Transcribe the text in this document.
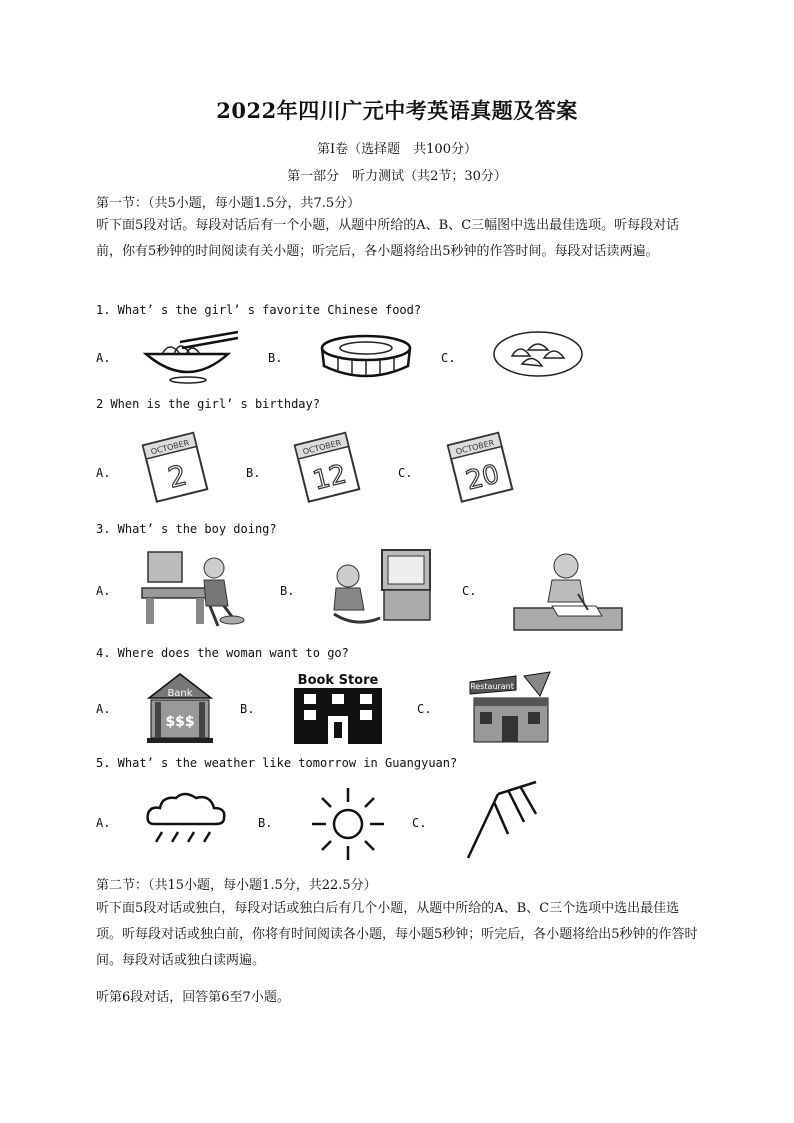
2022年四川广元中考英语真题及答案
第Ⅰ卷（选择题　共100分）
第一部分　听力测试（共2节；30分）
第一节：（共5小题，每小题1.5分，共7.5分）
听下面5段对话。每段对话后有一个小题，从题中所给的A、B、C三幅图中选出最佳选项。听每段对话前，你有5秒钟的时间阅读有关小题；听完后，各小题将给出5秒钟的作答时间。每段对话读两遍。
1. What’ s the girl’ s favorite Chinese food?
A.	B.	C.
2 When is the girl’ s birthday?
A.	B.	C.
OCTOBER
2
OCTOBER
12
OCTOBER
20
3. What’ s the boy doing?
A.	B.	C.
4. Where does the woman want to go?
A.	B.	C.
Bank
$$$
Book Store	Restaurant
5. What’ s the weather like tomorrow in Guangyuan?
A.	B.	C.
第二节：（共15小题，每小题1.5分，共22.5分）
听下面5段对话或独白，每段对话或独白后有几个小题，从题中所给的A、B、C三个选项中选出最佳选项。听每段对话或独白前，你将有时间阅读各小题，每小题5秒钟；听完后，各小题将给出5秒钟的作答时间。每段对话或独白读两遍。
听第6段对话，回答第6至7小题。
